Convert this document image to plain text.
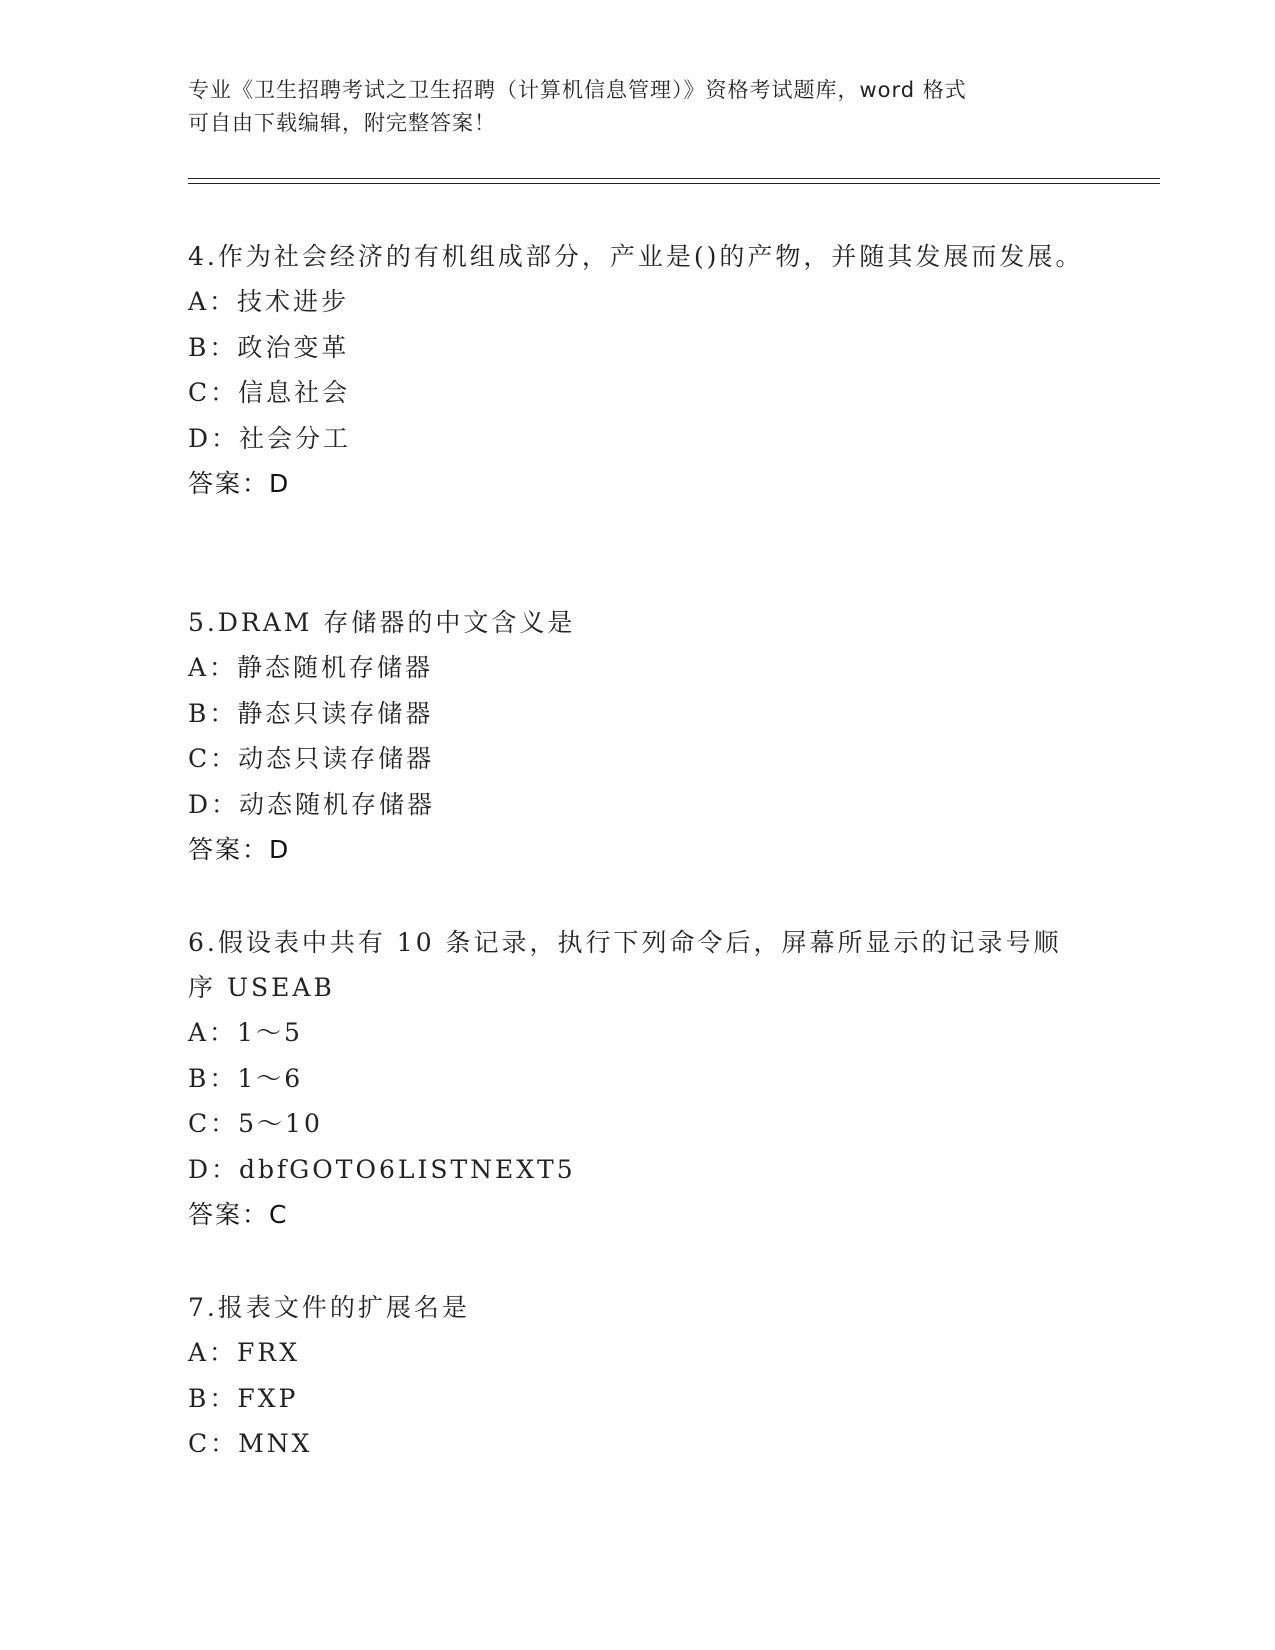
专业《卫生招聘考试之卫生招聘（计算机信息管理）》资格考试题库，word 格式

可自由下载编辑，附完整答案！

4.作为社会经济的有机组成部分，产业是()的产物，并随其发展而发展。

A：技术进步

B：政治变革

C：信息社会

D：社会分工

答案：D

5.DRAM 存储器的中文含义是

A：静态随机存储器

B：静态只读存储器

C：动态只读存储器

D：动态随机存储器

答案：D

6.假设表中共有 10 条记录，执行下列命令后，屏幕所显示的记录号顺序 USEAB

A：1～5

B：1～6

C：5～10

D：dbfGOTO6LISTNEXT5

答案：C

7.报表文件的扩展名是

A：FRX

B：FXP

C：MNX
